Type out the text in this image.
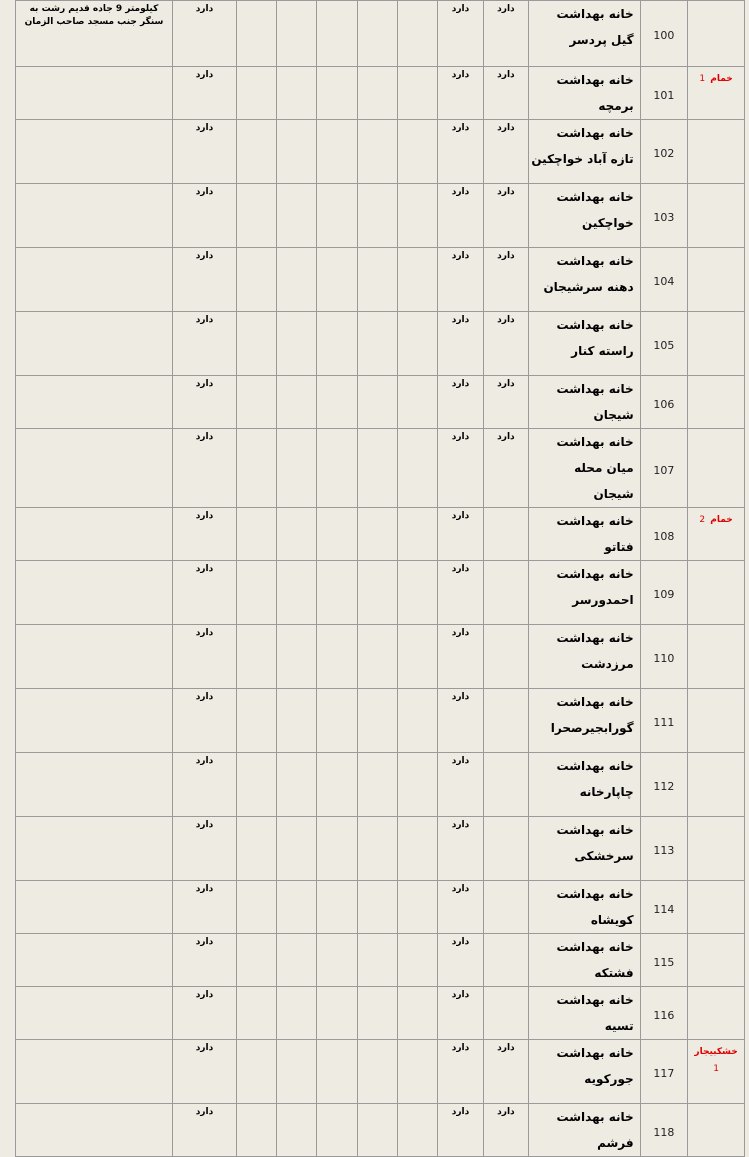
کیلومتر 9 جاده قدیم رشت به سنگر جنب مسجد صاحب الزمان	دارد						دارد	دارد	خانه بهداشت گیل پردسر	100	

	دارد						دارد	دارد	خانه بهداشت برمچه	101	خمام 1

	دارد						دارد	دارد	خانه بهداشت تازه آباد خواچکین	102	

	دارد						دارد	دارد	خانه بهداشت خواچکین	103	

	دارد						دارد	دارد	خانه بهداشت دهنه سرشیجان	104	

	دارد						دارد	دارد	خانه بهداشت راسته کنار	105	

	دارد						دارد	دارد	خانه بهداشت شیجان	106	

	دارد						دارد	دارد	خانه بهداشت میان محله شیجان	107	

	دارد						دارد		خانه بهداشت فتاتو	108	خمام 2

	دارد						دارد		خانه بهداشت احمدورسر	109	

	دارد						دارد		خانه بهداشت مرزدشت	110	

	دارد						دارد		خانه بهداشت گورابجیرصحرا	111	

	دارد						دارد		خانه بهداشت چاپارخانه	112	

	دارد						دارد		خانه بهداشت سرخشکی	113	

	دارد						دارد		خانه بهداشت کویشاه	114	

	دارد						دارد		خانه بهداشت فشتکه	115	

	دارد						دارد		خانه بهداشت تسیه	116	

	دارد						دارد	دارد	خانه بهداشت جورکویه	117	خشکبیجار
1

	دارد						دارد	دارد	خانه بهداشت فرشم	118	
